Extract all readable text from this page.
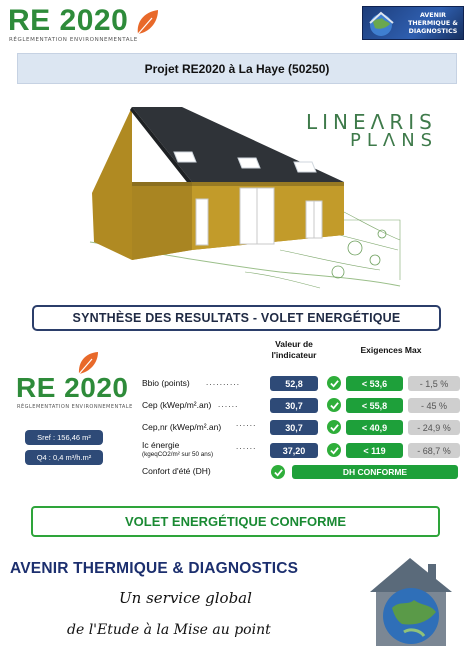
RE 2020
RÉGLEMENTATION ENVIRONNEMENTALE
AVENIR
THERMIQUE &
DIAGNOSTICS
Projet RE2020 à La Haye (50250)
LINEΛRIS
PLΛNS
SYNTHÈSE DES RESULTATS - VOLET ENERGÉTIQUE
Valeur de
l'indicateur	Exigences Max
RE 2020
RÉGLEMENTATION ENVIRONNEMENTALE
Sref : 156,46 m²
Q4 : 0,4 m³/h.m²
Bbio (points) ..........	52,8	< 53,6	- 1,5 %
Cep (kWep/m².an) ......	30,7	< 55,8	- 45 %
Cep,nr (kWep/m².an) ......	30,7	< 40,9	- 24,9 %
Ic énergie
(kgeqCO2/m² sur 50 ans)
......	37,20	< 119	- 68,7 %
Confort d'été (DH)	DH CONFORME
VOLET ENERGÉTIQUE CONFORME
AVENIR THERMIQUE & DIAGNOSTICS
Un service global
de l'Etude à la Mise au point
